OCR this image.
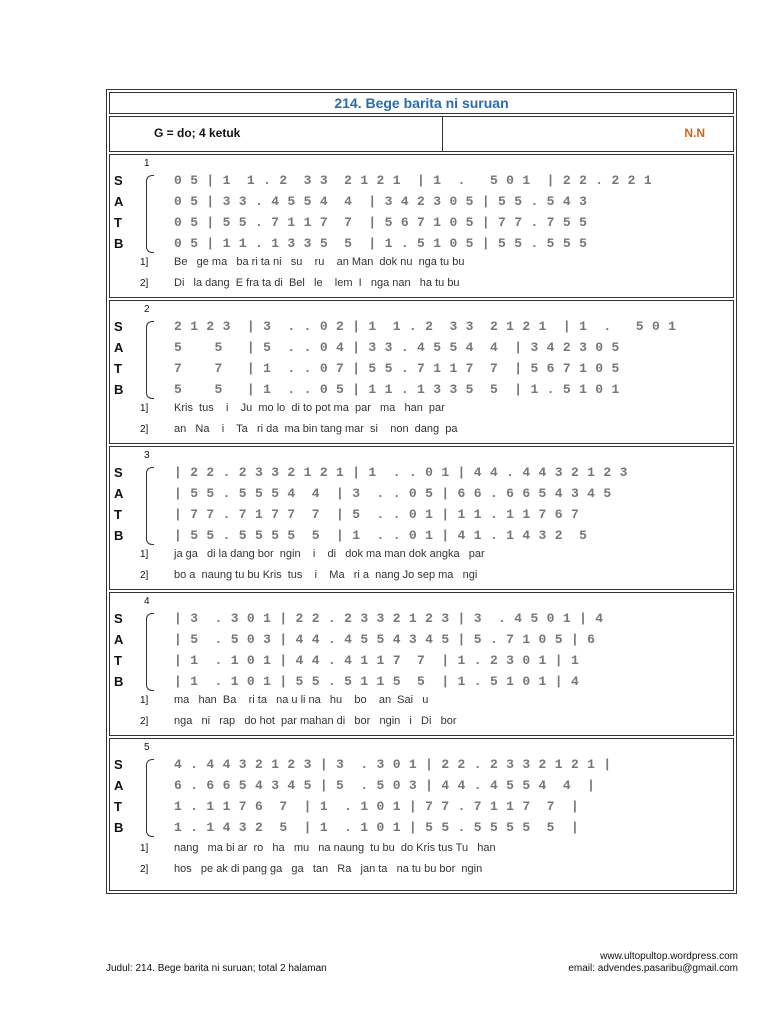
214. Bege barita ni suruan
G = do; 4 ketuk	N.N
1
S
A
T
B
0 5 | 1  1 . 2  3 3  2 1 2 1  | 1  .   5 0 1  | 2 2 . 2 2 1
0 5 | 3 3 . 4 5 5 4  4  | 3 4 2 3 0 5 | 5 5 . 5 4 3
0 5 | 5 5 . 7 1 1 7  7  | 5 6 7 1 0 5 | 7 7 . 7 5 5
0 5 | 1 1 . 1 3 3 5  5  | 1 . 5 1 0 5 | 5 5 . 5 5 5
1] Be   ge ma   ba ri ta ni   su    ru    an Man  dok nu  nga tu bu
2] Di   la dang  E fra ta di  Bel   le    lem  I   nga nan   ha tu bu
2
S
A
T
B
2 1 2 3  | 3  . . 0 2 | 1  1 . 2  3 3  2 1 2 1  | 1  .   5 0 1
5    5   | 5  . . 0 4 | 3 3 . 4 5 5 4  4  | 3 4 2 3 0 5
7    7   | 1  . . 0 7 | 5 5 . 7 1 1 7  7  | 5 6 7 1 0 5
5    5   | 1  . . 0 5 | 1 1 . 1 3 3 5  5  | 1 . 5 1 0 1
1] Kris  tus    i    Ju  mo lo  di to pot ma  par   ma   han  par
2] an   Na    i    Ta   ri da  ma bin tang mar  si    non  dang  pa
3
S
A
T
B
| 2 2 . 2 3 3 2 1 2 1 | 1  . . 0 1 | 4 4 . 4 4 3 2 1 2 3
| 5 5 . 5 5 5 4  4  | 3  . . 0 5 | 6 6 . 6 6 5 4 3 4 5
| 7 7 . 7 1 7 7  7  | 5  . . 0 1 | 1 1 . 1 1 7 6 7
| 5 5 . 5 5 5 5  5  | 1  . . 0 1 | 4 1 . 1 4 3 2  5
1] ja ga   di la dang bor  ngin    i    di   dok ma man dok angka   par
2] bo a  naung tu bu Kris  tus    i    Ma   ri a  nang Jo sep ma   ngi
4
S
A
T
B
| 3  . 3 0 1 | 2 2 . 2 3 3 2 1 2 3 | 3  . 4 5 0 1 | 4
| 5  . 5 0 3 | 4 4 . 4 5 5 4 3 4 5 | 5 . 7 1 0 5 | 6
| 1  . 1 0 1 | 4 4 . 4 1 1 7  7  | 1 . 2 3 0 1 | 1
| 1  . 1 0 1 | 5 5 . 5 1 1 5  5  | 1 . 5 1 0 1 | 4
1] ma   han  Ba    ri ta   na u li na   hu    bo    an  Sai   u
2] nga   ni   rap   do hot  par mahan di   bor   ngin   i   Di   bor
5
S
A
T
B
4 . 4 4 3 2 1 2 3 | 3  . 3 0 1 | 2 2 . 2 3 3 2 1 2 1 |
6 . 6 6 5 4 3 4 5 | 5  . 5 0 3 | 4 4 . 4 5 5 4  4  |
1 . 1 1 7 6  7  | 1  . 1 0 1 | 7 7 . 7 1 1 7  7  |
1 . 1 4 3 2  5  | 1  . 1 0 1 | 5 5 . 5 5 5 5  5  |
1] nang   ma bi ar  ro   ha   mu   na naung  tu bu  do Kris tus Tu   han
2] hos   pe ak di pang ga   ga   tan   Ra   jan ta   na tu bu bor  ngin
www.ultopultop.wordpress.com
email: advendes.pasaribu@gmail.com
Judul: 214. Bege barita ni suruan; total 2 halaman
